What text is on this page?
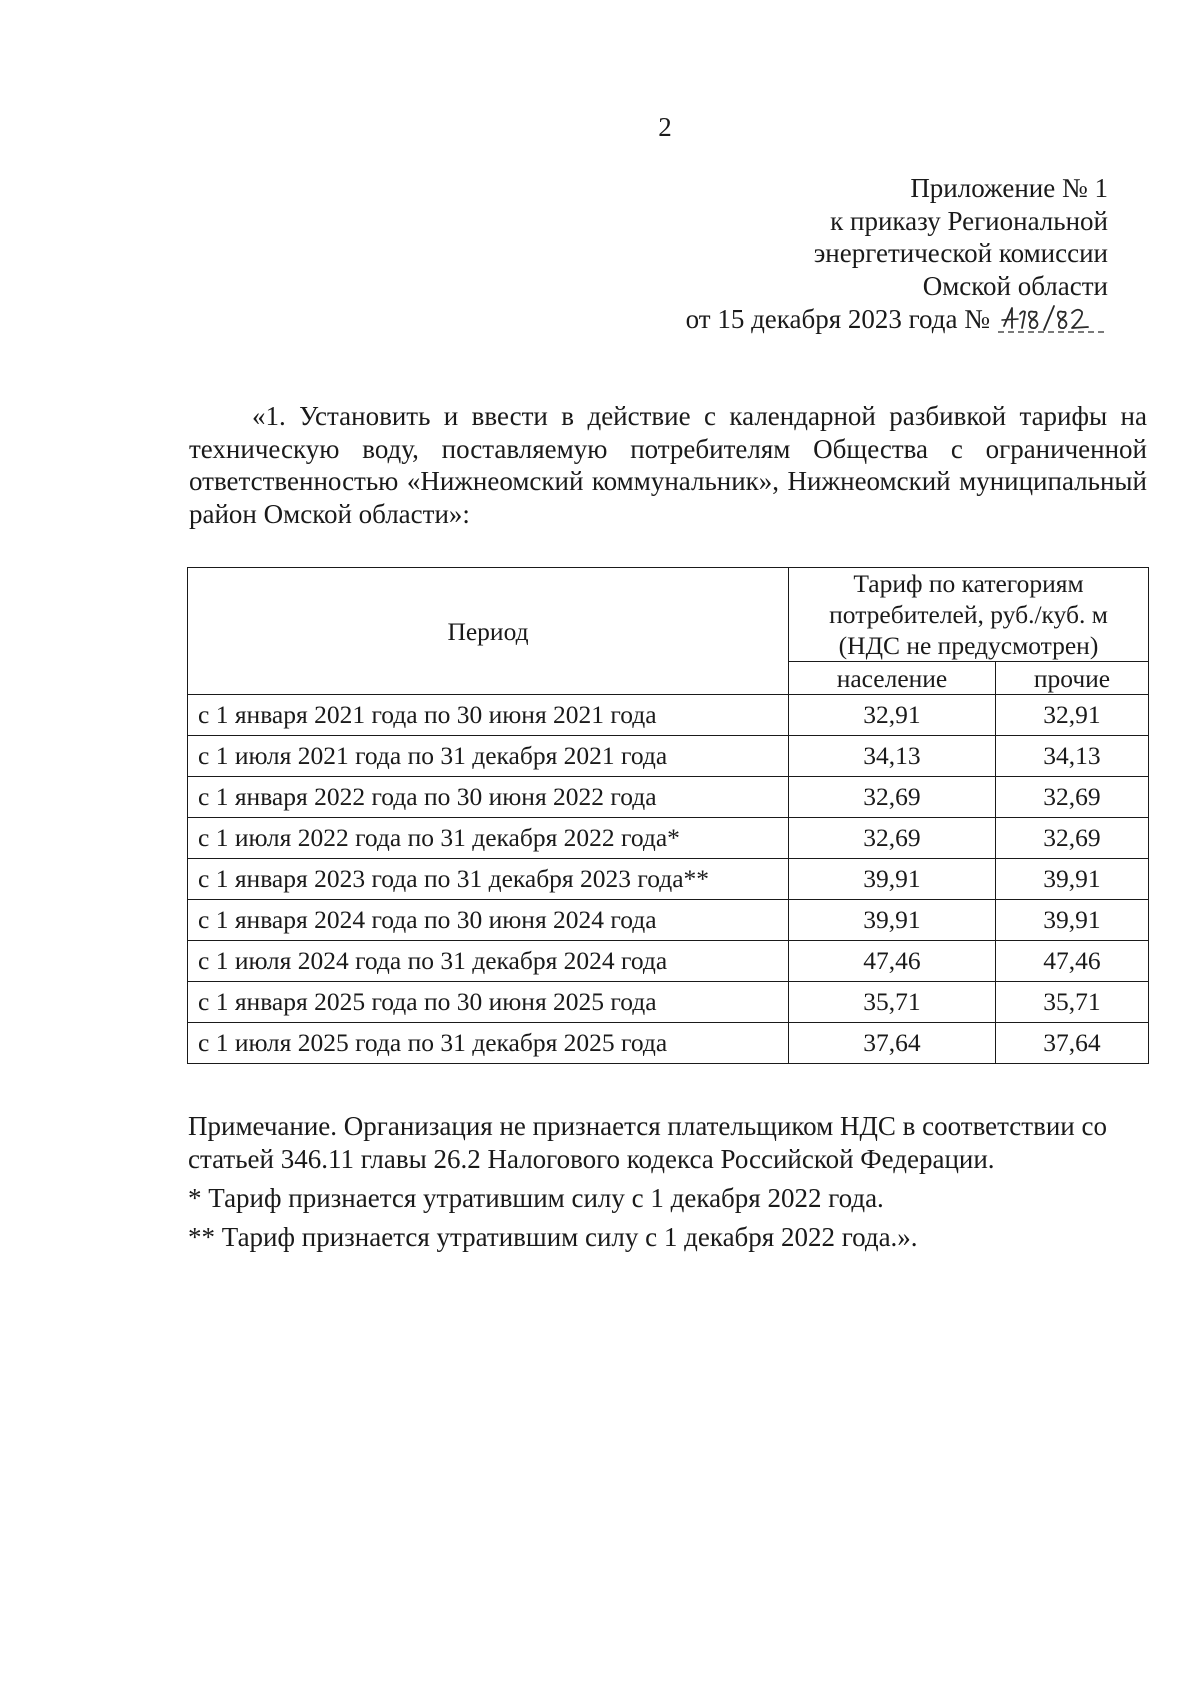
2
Приложение № 1
к приказу Региональной
энергетической комиссии
Омской области
от 15 декабря 2023 года №
«1. Установить и ввести в действие с календарной разбивкой тарифы на техническую воду, поставляемую потребителям Общества с ограниченной ответственностью «Нижнеомский коммунальник», Нижнеомский муниципальный район Омской области»:
Период	Тариф по категориям потребителей, руб./куб. м (НДС не предусмотрен)	
	население	прочие
с 1 января 2021 года по 30 июня 2021 года	32,91	32,91
с 1 июля 2021 года по 31 декабря 2021 года	34,13	34,13
с 1 января 2022 года по 30 июня 2022 года	32,69	32,69
с 1 июля 2022 года по 31 декабря 2022 года*	32,69	32,69
с 1 января 2023 года по 31 декабря 2023 года**	39,91	39,91
с 1 января 2024 года по 30 июня 2024 года	39,91	39,91
с 1 июля 2024 года по 31 декабря 2024 года	47,46	47,46
с 1 января 2025 года по 30 июня 2025 года	35,71	35,71
с 1 июля 2025 года по 31 декабря 2025 года	37,64	37,64

Примечание. Организация не признается плательщиком НДС в соответствии со статьей 346.11 главы 26.2 Налогового кодекса Российской Федерации.

* Тариф признается утратившим силу с 1 декабря 2022 года.

** Тариф признается утратившим силу с 1 декабря 2022 года.».
